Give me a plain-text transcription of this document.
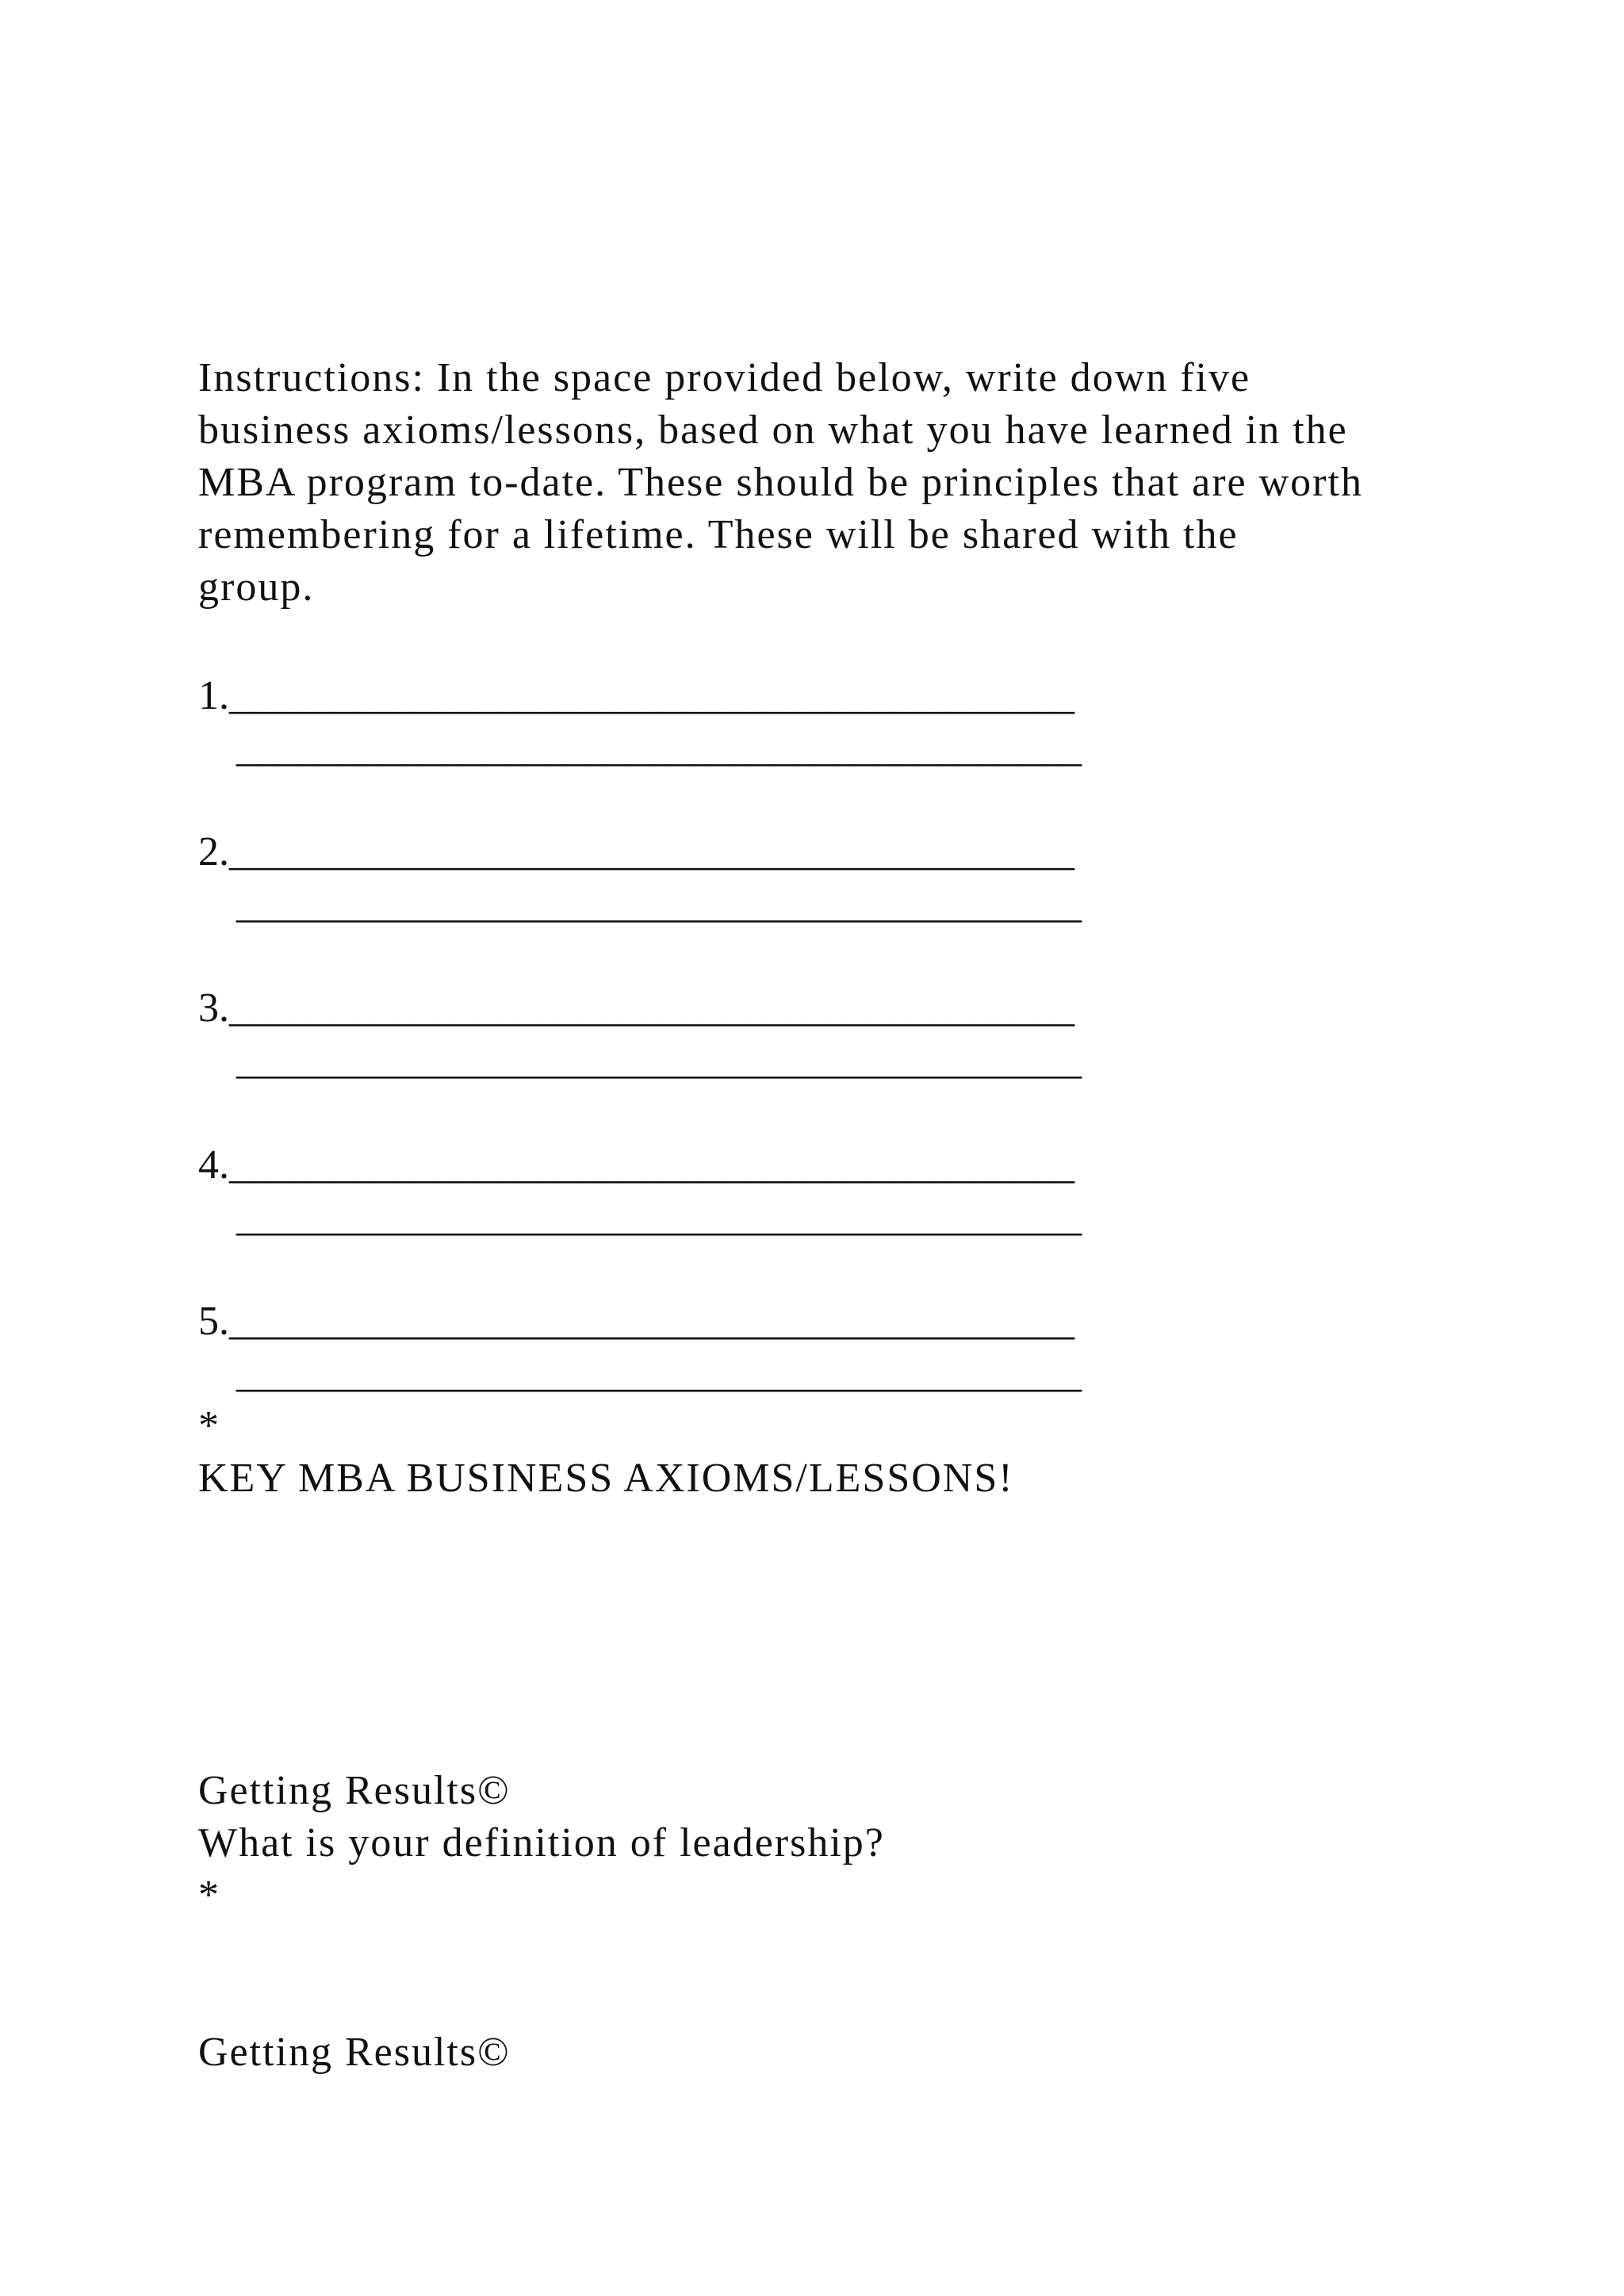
Instructions: In the space provided below, write down five
business axioms/lessons, based on what you have learned in the
MBA program to-date. These should be principles that are worth
remembering for a lifetime. These will be shared with the
group.
1._________________________________________
_________________________________________
2._________________________________________
_________________________________________
3._________________________________________
_________________________________________
4._________________________________________
_________________________________________
5._________________________________________
_________________________________________
*
KEY MBA BUSINESS AXIOMS/LESSONS!
Getting Results©
What is your definition of leadership?
*
Getting Results©
